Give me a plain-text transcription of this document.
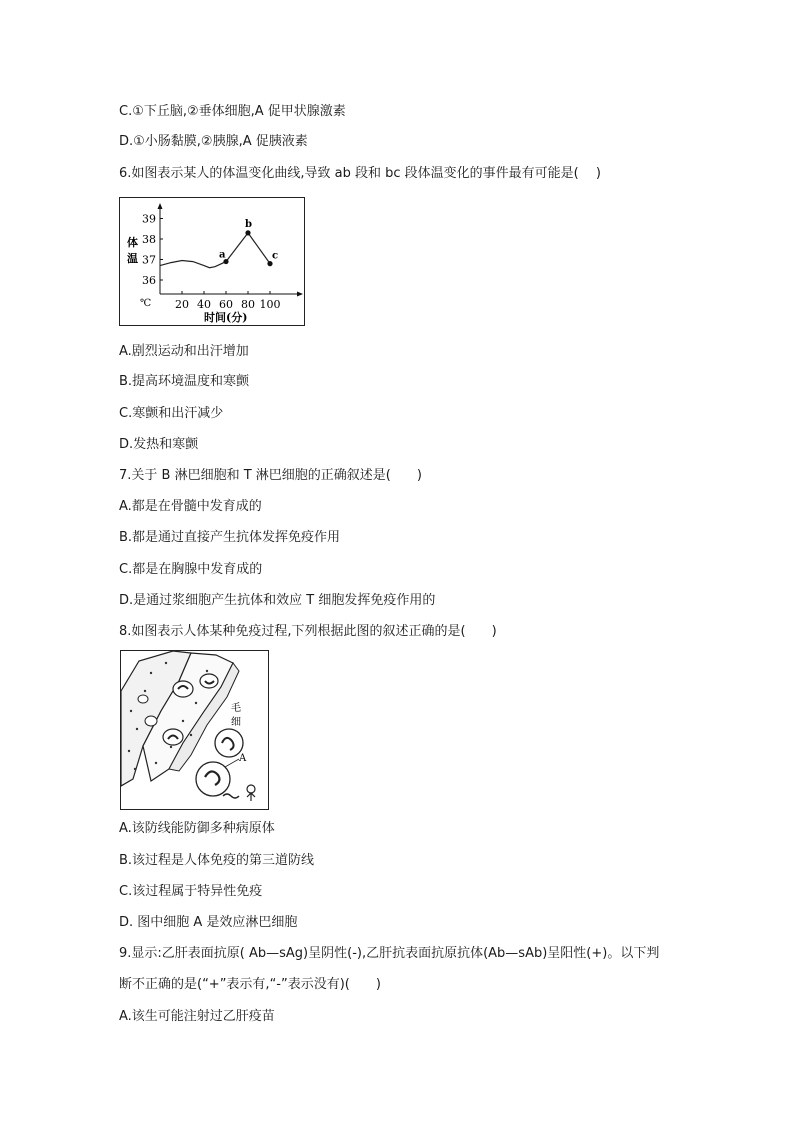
C.①下丘脑,②垂体细胞,A 促甲状腺激素
D.①小肠黏膜,②胰腺,A 促胰液素
6.如图表示某人的体温变化曲线,导致 ab 段和 bc 段体温变化的事件最有可能是(　 )
体
温
℃
时间(分)
36
37
38
39
20 40 60 80 100
a
b
c
A.剧烈运动和出汗增加
B.提高环境温度和寒颤
C.寒颤和出汗减少
D.发热和寒颤
7.关于 B 淋巴细胞和 T 淋巴细胞的正确叙述是(　　)
A.都是在骨髓中发育成的
B.都是通过直接产生抗体发挥免疫作用
C.都是在胸腺中发育成的
D.是通过浆细胞产生抗体和效应 T 细胞发挥免疫作用的
8.如图表示人体某种免疫过程,下列根据此图的叙述正确的是(　　)
毛
细
A
A.该防线能防御多种病原体
B.该过程是人体免疫的第三道防线
C.该过程属于特异性免疫
D. 图中细胞 A 是效应淋巴细胞
9.显示:乙肝表面抗原( Ab—sAg)呈阴性(-),乙肝抗表面抗原抗体(Ab—sAb)呈阳性(+)。以下判
断不正确的是(“+”表示有,“-”表示没有)(　　)
A.该生可能注射过乙肝疫苗
